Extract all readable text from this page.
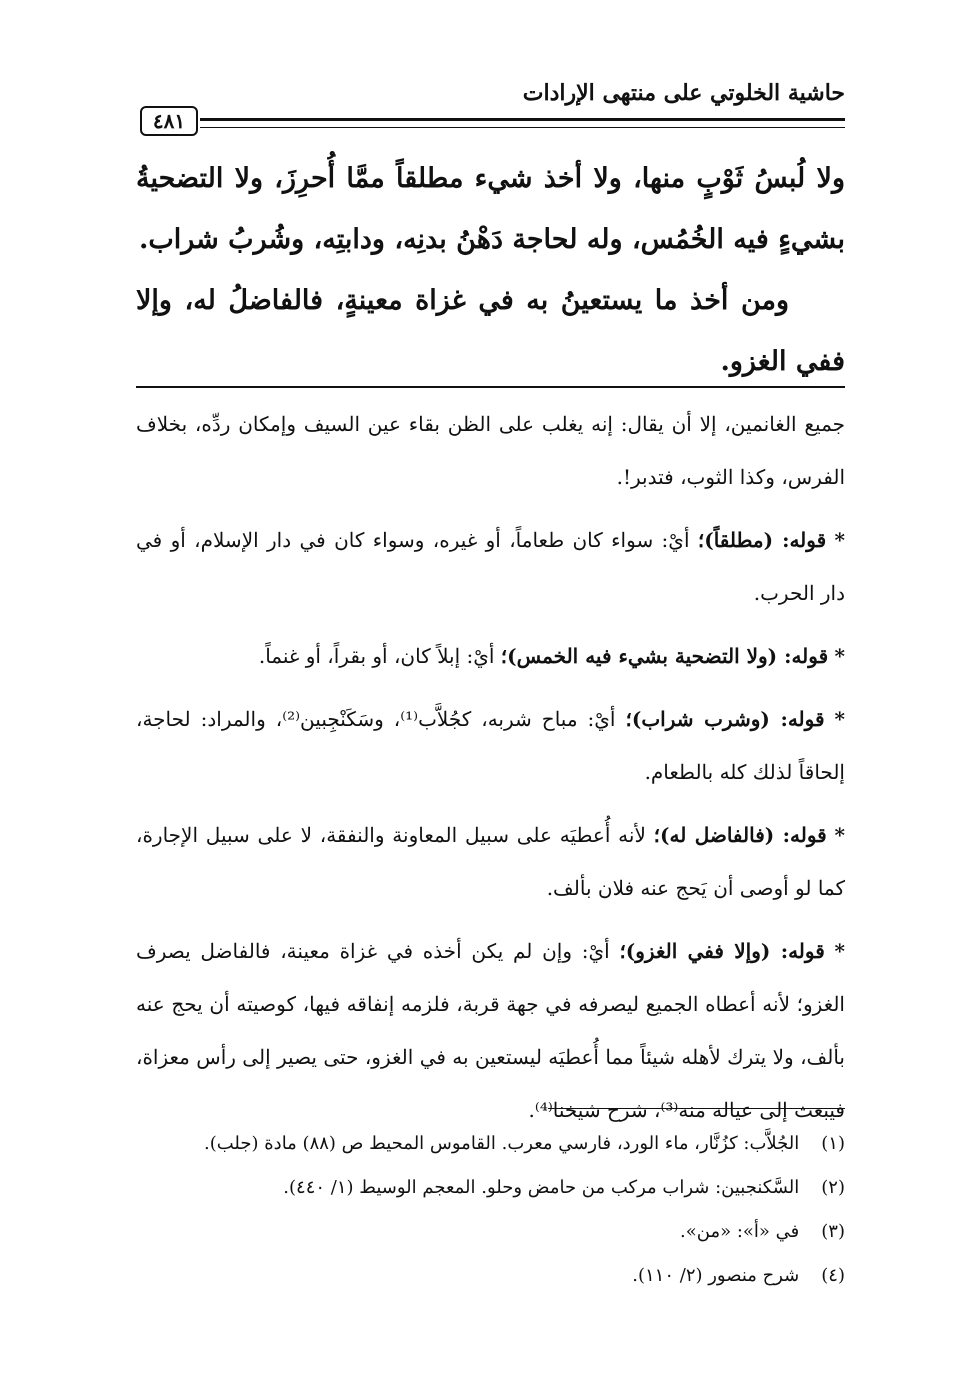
حاشية الخلوتي على منتهى الإرادات
٤٨١

ولا لُبسُ ثَوْبٍ منها، ولا أخذ شيء مطلقاً ممَّا أُحرِزَ، ولا التضحيةُ بشيءٍ فيه الخُمُس، وله لحاجة دَهْنُ بدنِه، ودابتِه، وشُربُ شراب.

ومن أخذ ما يستعينُ به في غزاة معينةٍ، فالفاضلُ له، وإلا ففي الغزو.

جميع الغانمين، إلا أن يقال: إنه يغلب على الظن بقاء عين السيف وإمكان ردِّه، بخلاف الفرس، وكذا الثوب، فتدبر!.

* قوله: (مطلقاً)؛ أيْ: سواء كان طعاماً، أو غيره، وسواء كان في دار الإسلام، أو في دار الحرب.

* قوله: (ولا التضحية بشيء فيه الخمس)؛ أيْ: إبلاً كان، أو بقراً، أو غنماً.

* قوله: (وشرب شراب)؛ أيْ: مباح شربه، كجُلاَّب⁽¹⁾، وسَكَنْجِبين⁽²⁾، والمراد: لحاجة، إلحاقاً لذلك كله بالطعام.

* قوله: (فالفاضل له)؛ لأنه أُعطيَه على سبيل المعاونة والنفقة، لا على سبيل الإجارة، كما لو أوصى أن يَحج عنه فلان بألف.

* قوله: (وإلا ففي الغزو)؛ أيْ: وإن لم يكن أخذه في غزاة معينة، فالفاضل يصرف الغزو؛ لأنه أعطاه الجميع ليصرفه في جهة قربة، فلزمه إنفاقه فيها، كوصيته أن يحج عنه بألف، ولا يترك لأهله شيئاً مما أُعطيَه ليستعين به في الغزو، حتى يصير إلى رأس معزاة، فيبعث إلى عياله منه⁽³⁾، شرح شيخنا⁽⁴⁾.

(١) الجُلاَّب: كزُنَّار، ماء الورد، فارسي معرب. القاموس المحيط ص (٨٨) مادة (جلب).
(٢) السَّكنجبين: شراب مركب من حامض وحلو. المعجم الوسيط (١/ ٤٤٠).
(٣) في «أ»: «من».
(٤) شرح منصور (٢/ ١١٠).
